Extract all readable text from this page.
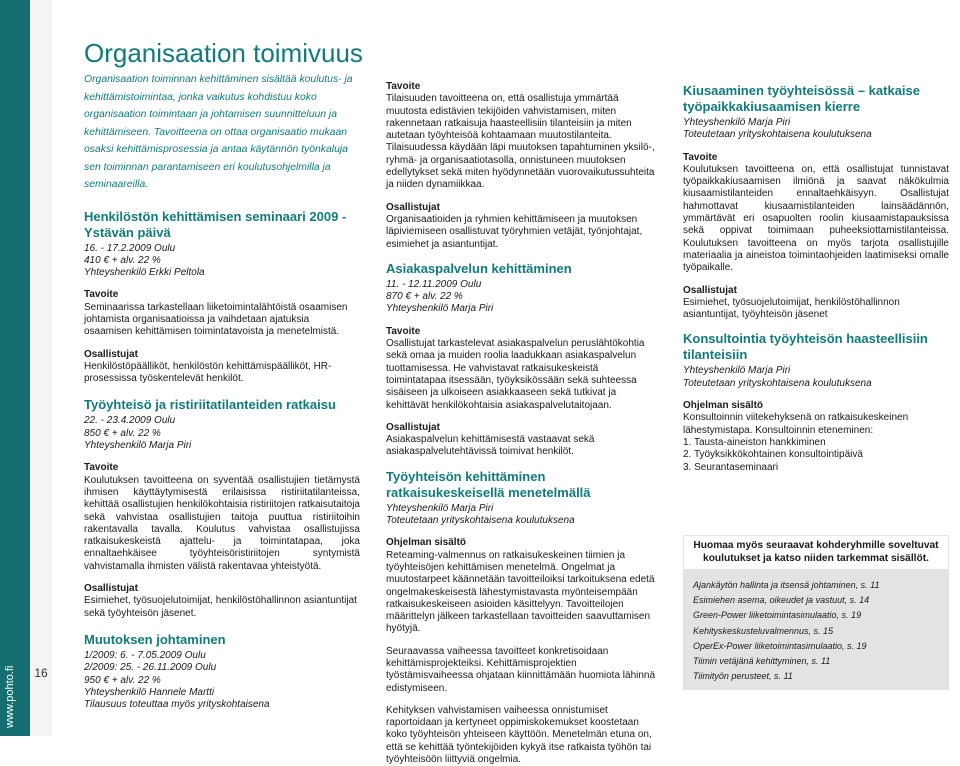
www.pohto.fi	16
Organisaation toimivuus

Organisaation toiminnan kehittäminen sisältää koulutus- ja kehittämistoimintaa, jonka vaikutus kohdistuu koko organisaation toimintaan ja johtamisen suunnitteluun ja kehittämiseen. Tavoitteena on ottaa organisaatio mukaan osaksi kehittämisprosessia ja antaa käytännön työnkaluja sen toiminnan parantamiseen eri koulutusohjelmilla ja seminaareilla.

Henkilöstön kehittämisen seminaari 2009 - Ystävän päivä

16. - 17.2.2009 Oulu

410 € + alv. 22 %

Yhteyshenkilö Erkki Peltola

Tavoite

Seminaarissa tarkastellaan liiketoimintalähtöistä osaamisen johtamista organisaatioissa ja vaihdetaan ajatuksia osaamisen kehittämisen toimintatavoista ja menetelmistä.

Osallistujat

Henkilöstöpäälliköt, henkilöstön kehittämispäälliköt, HR-prosessissa työskentelevät henkilöt.

Työyhteisö ja ristiriitatilanteiden ratkaisu

22. - 23.4.2009 Oulu

850 € + alv. 22 %

Yhteyshenkilö Marja Piri

Tavoite

Koulutuksen tavoitteena on syventää osallistujien tietämystä ihmisen käyttäytymisestä erilaisissa ristiriitatilanteissa, kehittää osallistujien henkilökohtaisia ristiriitojen ratkaisutaitoja sekä vahvistaa osallistujien taitoja puuttua ristiriitoihin rakentavalla tavalla. Koulutus vahvistaa osallistujissa ratkaisukeskeistä ajattelu- ja toimintatapaa, joka ennaltaehkäisee työyhteisöristiriitojen syntymistä vahvistamalla ihmisten välistä rakentavaa yhteistyötä.

Osallistujat

Esimiehet, työsuojelutoimijat, henkilöstöhallinnon asiantuntijat sekä työyhteisön jäsenet.

Muutoksen johtaminen

1/2009: 6. - 7.05.2009 Oulu

2/2009: 25. - 26.11.2009 Oulu

950 € + alv. 22 %

Yhteyshenkilö Hannele Martti

Tilausuus toteuttaa myös yrityskohtaisena

Tavoite

Tilaisuuden tavoitteena on, että osallistuja ymmärtää muutosta edistävien tekijöiden vahvistamisen, miten rakennetaan ratkaisuja haasteellisiin tilanteisiin ja miten autetaan työyhteisöä kohtaamaan muutostilanteita. Tilaisuudessa käydään läpi muutoksen tapahtuminen yksilö-, ryhmä- ja organisaatiotasolla, onnistuneen muutoksen edellytykset sekä miten hyödynnetään vuorovaikutussuhteita ja niiden dynamiikkaa.

Osallistujat

Organisaatioiden ja ryhmien kehittämiseen ja muutoksen läpiviemiseen osallistuvat työryhmien vetäjät, työnjohtajat, esimiehet ja asiantuntijat.

Asiakaspalvelun kehittäminen

11. - 12.11.2009 Oulu

870 € + alv. 22 %

Yhteyshenkilö Marja Piri

Tavoite

Osallistujat tarkastelevat asiakaspalvelun peruslähtökohtia sekä omaa ja muiden roolia laadukkaan asiakaspalvelun tuottamisessa. He vahvistavat ratkaisukeskeistä toimintatapaa itsessään, työyksikössään sekä suhteessa sisäiseen ja ulkoiseen asiakkaaseen sekä tutkivat ja kehittävät henkilökohtaisia asiakaspalvelutaitojaan.

Osallistujat

Asiakaspalvelun kehittämisestä vastaavat sekä asiakaspalvelutehtävissä toimivat henkilöt.

Työyhteisön kehittäminen ratkaisukeskeisellä menetelmällä

Yhteyshenkilö Marja Piri

Toteutetaan yrityskohtaisena koulutuksena

Ohjelman sisältö

Reteaming-valmennus on ratkaisukeskeinen tiimien ja työyhteisöjen kehittämisen menetelmä. Ongelmat ja muutostarpeet käännetään tavoitteiloiksi tarkoituksena edetä ongelmakeskeisestä lähestymistavasta myönteisempään ratkaisukeskeiseen asioiden käsittelyyn. Tavoitteilojen määrittelyn jälkeen tarkastellaan tavoitteiden saavuttamisen hyötyjä.

Seuraavassa vaiheessa tavoitteet konkretisoidaan kehittämisprojekteiksi. Kehittämisprojektien työstämisvaiheessa ohjataan kiinnittämään huomiota lähinnä edistymiseen.

Kehityksen vahvistamisen vaiheessa onnistumiset raportoidaan ja kertyneet oppimiskokemukset koostetaan koko työyhteisön yhteiseen käyttöön. Menetelmän etuna on, että se kehittää työntekijöiden kykyä itse ratkaista työhön tai työyhteisöön liittyviä ongelmia.

Kiusaaminen työyhteisössä – katkaise työpaikkakiusaamisen kierre

Yhteyshenkilö Marja Piri

Toteutetaan yrityskohtaisena koulutuksena

Tavoite

Koulutuksen tavoitteena on, että osallistujat tunnistavat työpaikkakiusaamisen ilmiönä ja saavat näkökulmia kiusaamistilanteiden ennaltaehkäisyyn. Osallistujat hahmottavat kiusaamistilanteiden lainsäädännön, ymmärtävät eri osapuolten roolin kiusaamistapauksissa sekä oppivat toimimaan puheeksiottamistilanteissa. Koulutuksen tavoitteena on myös tarjota osallistujille materiaalia ja aineistoa toimintaohjeiden laatimiseksi omalle työpaikalle.

Osallistujat

Esimiehet, työsuojelutoimijat, henkilöstöhallinnon asiantuntijat, työyhteisön jäsenet

Konsultointia työyhteisön haasteellisiin tilanteisiin

Yhteyshenkilö Marja Piri

Toteutetaan yrityskohtaisena koulutuksena

Ohjelman sisältö

Konsultoinnin viitekehyksenä on ratkaisukeskeinen lähestymistapa. Konsultoinnin eteneminen:

1. Tausta-aineiston hankkiminen

2. Työyksikkökohtainen konsultointipäivä

3. Seurantaseminaari

Huomaa myös seuraavat kohderyhmille soveltuvat koulutukset ja katso niiden tarkemmat sisällöt.

Ajankäytön hallinta ja itsensä johtaminen, s. 11
Esimiehen asema, oikeudet ja vastuut, s. 14
Green-Power liiketoimintasimulaatio, s. 19
Kehityskeskusteluvalmennus, s. 15
OperEx-Power liiketoimintasimulaatio, s. 19
Tiimin vetäjänä kehittyminen, s. 11
Tiimityön perusteet, s. 11
